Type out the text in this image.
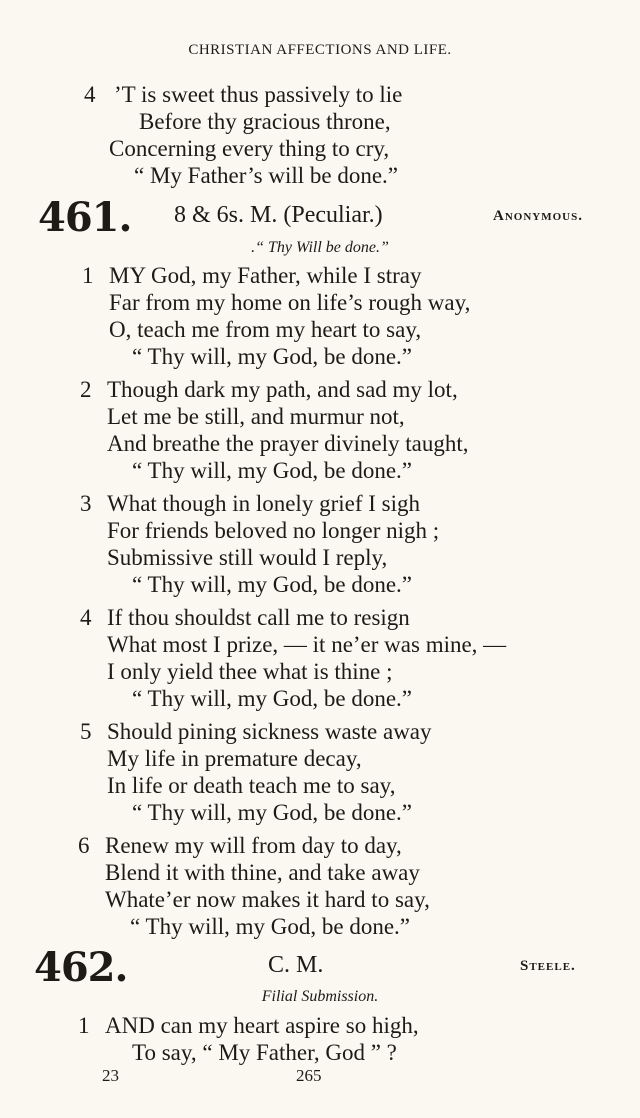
CHRISTIAN AFFECTIONS AND LIFE.
4 ’T is sweet thus passively to lie
Before thy gracious throne,
Concerning every thing to cry,
“ My Father’s will be done.”
461. 8 & 6s. M. (Peculiar.)	Anonymous.
.“ Thy Will be done.”
1 MY God, my Father, while I stray
Far from my home on life’s rough way,
O, teach me from my heart to say,
“ Thy will, my God, be done.”
2 Though dark my path, and sad my lot,
Let me be still, and murmur not,
And breathe the prayer divinely taught,
“ Thy will, my God, be done.”
3 What though in lonely grief I sigh
For friends beloved no longer nigh ;
Submissive still would I reply,
“ Thy will, my God, be done.”
4 If thou shouldst call me to resign
What most I prize, — it ne’er was mine, —
I only yield thee what is thine ;
“ Thy will, my God, be done.”
5 Should pining sickness waste away
My life in premature decay,
In life or death teach me to say,
“ Thy will, my God, be done.”
6 Renew my will from day to day,
Blend it with thine, and take away
Whate’er now makes it hard to say,
“ Thy will, my God, be done.”
462.	C. M.	Steele.
Filial Submission.
1 AND can my heart aspire so high,
To say, “ My Father, God ” ?
23	265
